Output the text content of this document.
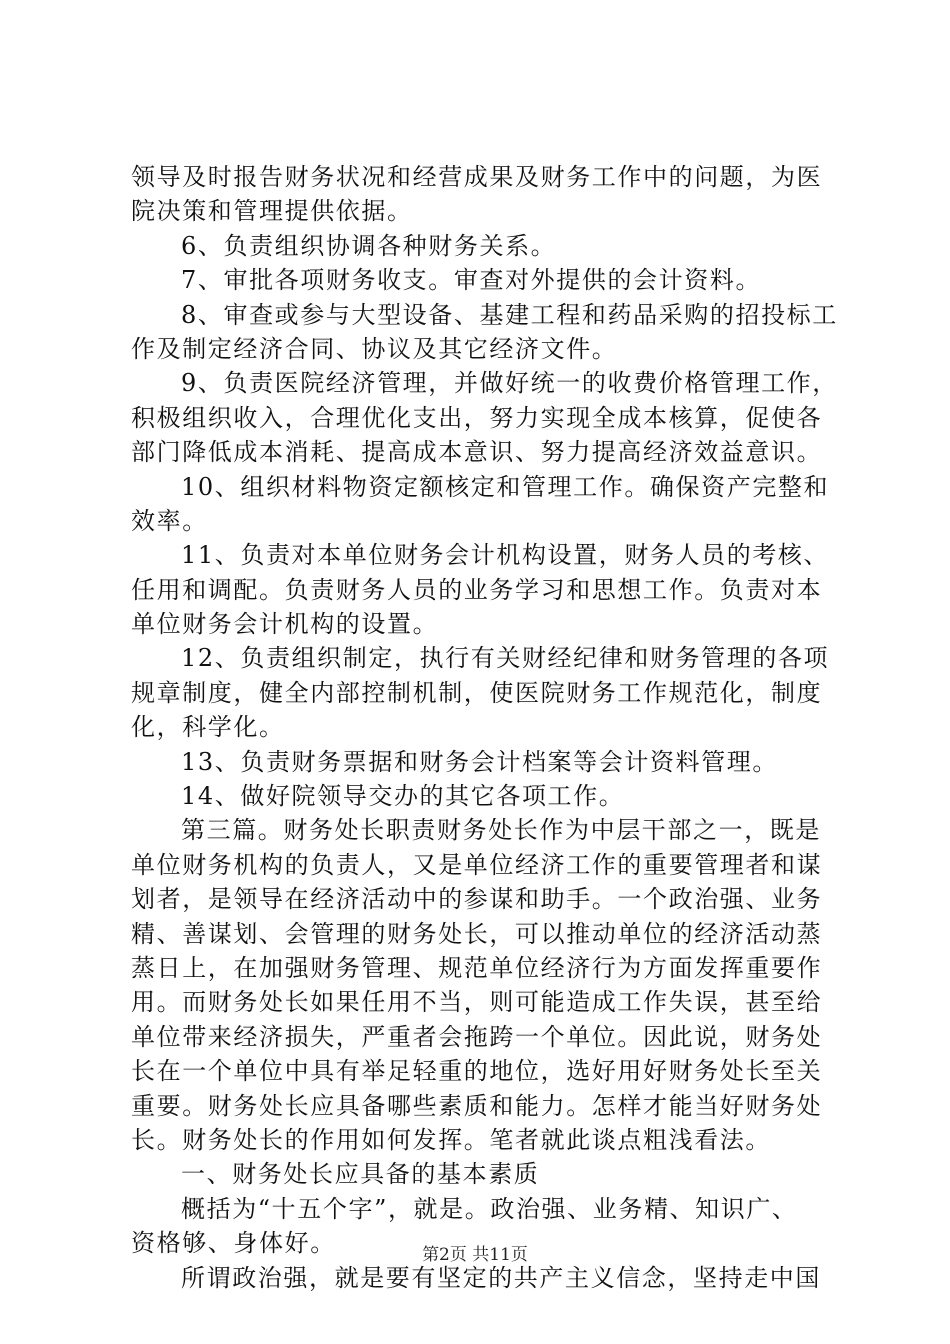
领导及时报告财务状况和经营成果及财务工作中的问题，为医
院决策和管理提供依据。
6、负责组织协调各种财务关系。
7、审批各项财务收支。审查对外提供的会计资料。
8、审查或参与大型设备、基建工程和药品采购的招投标工
作及制定经济合同、协议及其它经济文件。
9、负责医院经济管理，并做好统一的收费价格管理工作，
积极组织收入，合理优化支出，努力实现全成本核算，促使各
部门降低成本消耗、提高成本意识、努力提高经济效益意识。
10、组织材料物资定额核定和管理工作。确保资产完整和
效率。
11、负责对本单位财务会计机构设置，财务人员的考核、
任用和调配。负责财务人员的业务学习和思想工作。负责对本
单位财务会计机构的设置。
12、负责组织制定，执行有关财经纪律和财务管理的各项
规章制度，健全内部控制机制，使医院财务工作规范化，制度
化，科学化。
13、负责财务票据和财务会计档案等会计资料管理。
14、做好院领导交办的其它各项工作。
第三篇。财务处长职责财务处长作为中层干部之一，既是
单位财务机构的负责人，又是单位经济工作的重要管理者和谋
划者，是领导在经济活动中的参谋和助手。一个政治强、业务
精、善谋划、会管理的财务处长，可以推动单位的经济活动蒸
蒸日上，在加强财务管理、规范单位经济行为方面发挥重要作
用。而财务处长如果任用不当，则可能造成工作失误，甚至给
单位带来经济损失，严重者会拖跨一个单位。因此说，财务处
长在一个单位中具有举足轻重的地位，选好用好财务处长至关
重要。财务处长应具备哪些素质和能力。怎样才能当好财务处
长。财务处长的作用如何发挥。笔者就此谈点粗浅看法。
一、财务处长应具备的基本素质
概括为“十五个字”，就是。政治强、业务精、知识广、
资格够、身体好。
所谓政治强，就是要有坚定的共产主义信念，坚持走中国
第2页 共11页
